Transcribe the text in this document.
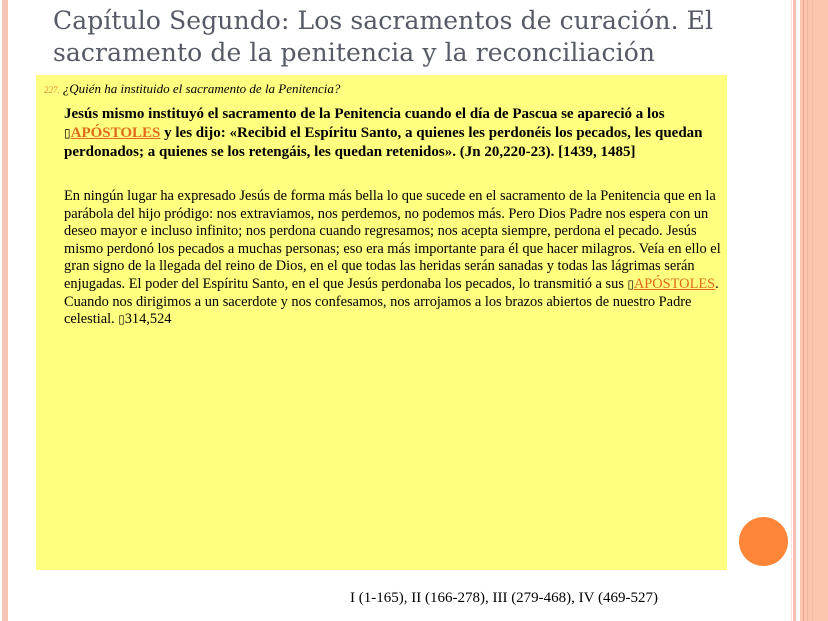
Capítulo Segundo: Los sacramentos de curación. El sacramento de la penitencia y la reconciliación
227. ¿Quién ha instituido el sacramento de la Penitencia?
Jesús mismo instituyó el sacramento de la Penitencia cuando el día de Pascua se apareció a los ▯APÓSTOLES y les dijo: «Recibid el Espíritu Santo, a quienes les perdonéis los pecados, les quedan perdonados; a quienes se los retengáis, les quedan retenidos». (Jn 20,220-23). [1439, 1485]
En ningún lugar ha expresado Jesús de forma más bella lo que sucede en el sacramento de la Penitencia que en la parábola del hijo pródigo: nos extraviamos, nos perdemos, no podemos más. Pero Dios Padre nos espera con un deseo mayor e incluso infinito; nos perdona cuando regresamos; nos acepta siempre, perdona el pecado. Jesús mismo perdonó los pecados a muchas personas; eso era más importante para él que hacer milagros. Veía en ello el gran signo de la llegada del reino de Dios, en el que todas las heridas serán sanadas y todas las lágrimas serán enjugadas. El poder del Espíritu Santo, en el que Jesús perdonaba los pecados, lo transmitió a sus ▯APÓSTOLES. Cuando nos dirigimos a un sacerdote y nos confesamos, nos arrojamos a los brazos abiertos de nuestro Padre celestial. ▯314,524
I (1-165), II (166-278), III (279-468), IV (469-527)
